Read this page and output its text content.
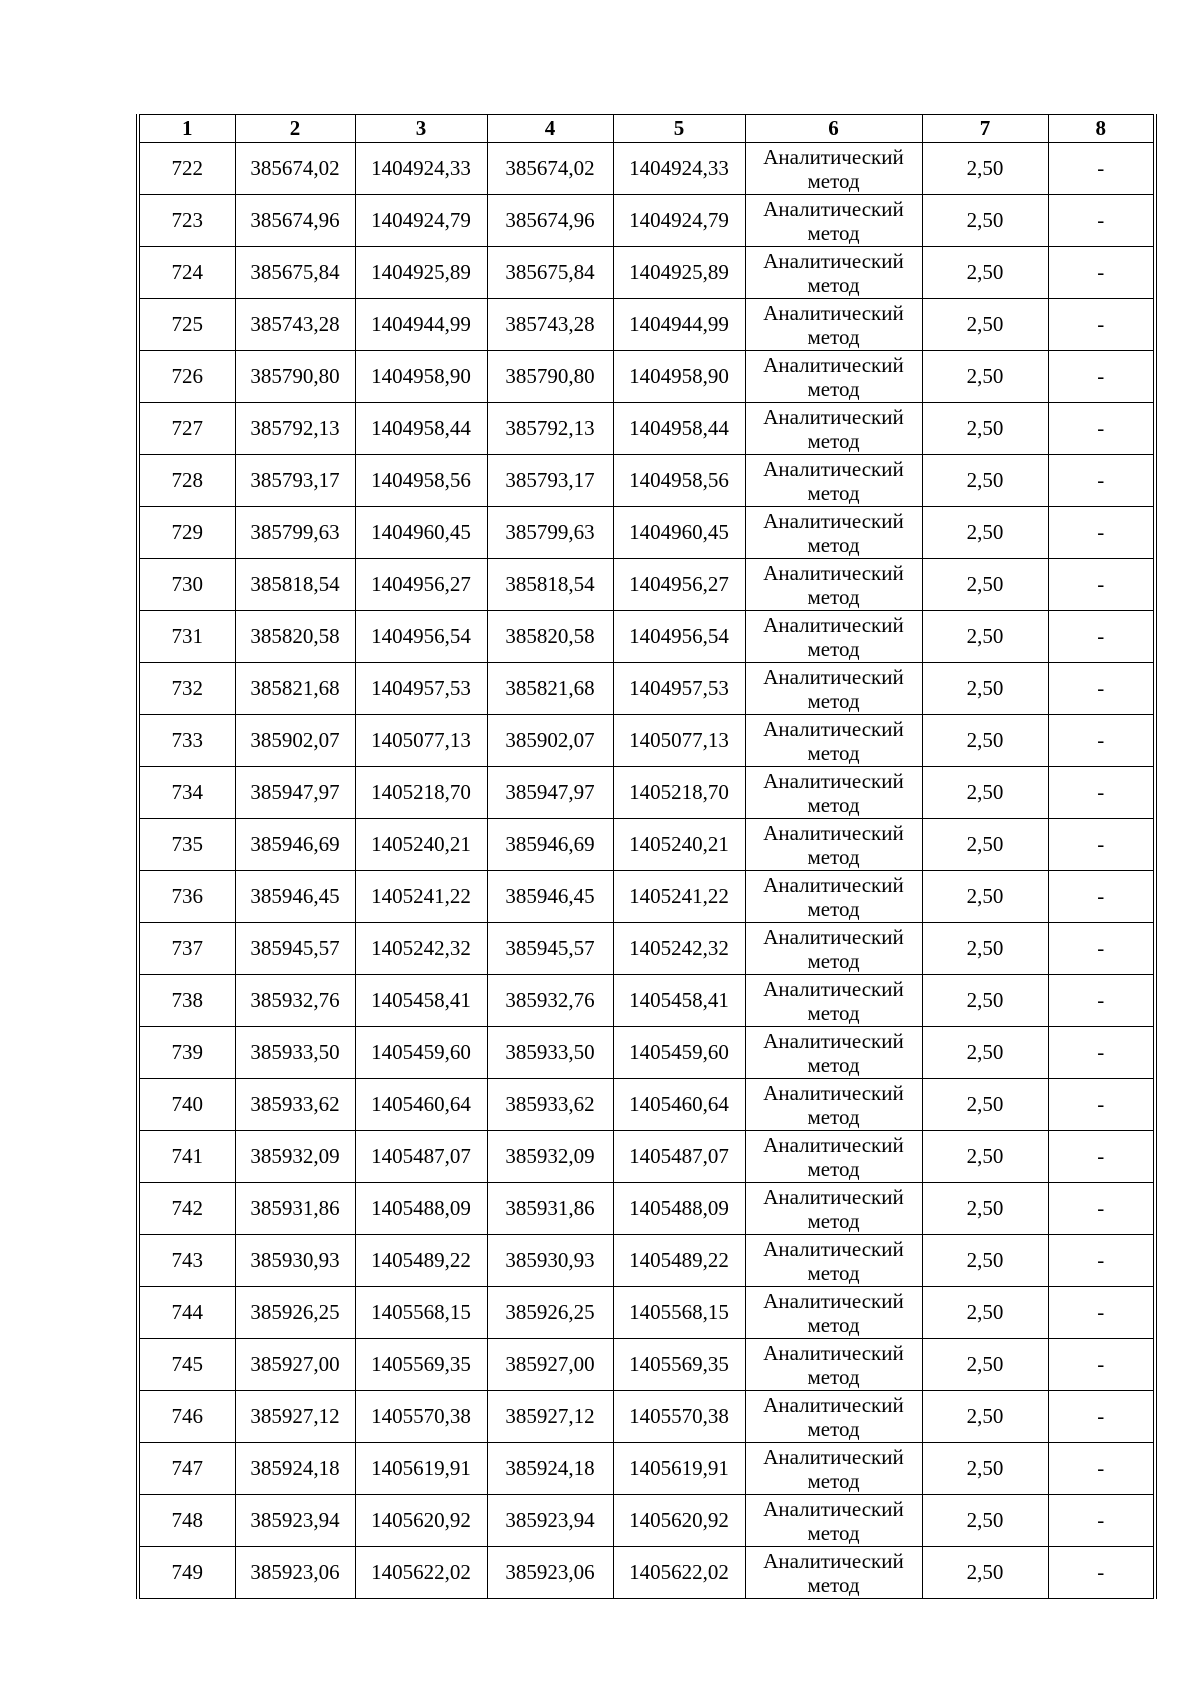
1	2	3	4	5	6	7	8
722	385674,02	1404924,33	385674,02	1404924,33	Аналитический метод	2,50	-
723	385674,96	1404924,79	385674,96	1404924,79	Аналитический метод	2,50	-
724	385675,84	1404925,89	385675,84	1404925,89	Аналитический метод	2,50	-
725	385743,28	1404944,99	385743,28	1404944,99	Аналитический метод	2,50	-
726	385790,80	1404958,90	385790,80	1404958,90	Аналитический метод	2,50	-
727	385792,13	1404958,44	385792,13	1404958,44	Аналитический метод	2,50	-
728	385793,17	1404958,56	385793,17	1404958,56	Аналитический метод	2,50	-
729	385799,63	1404960,45	385799,63	1404960,45	Аналитический метод	2,50	-
730	385818,54	1404956,27	385818,54	1404956,27	Аналитический метод	2,50	-
731	385820,58	1404956,54	385820,58	1404956,54	Аналитический метод	2,50	-
732	385821,68	1404957,53	385821,68	1404957,53	Аналитический метод	2,50	-
733	385902,07	1405077,13	385902,07	1405077,13	Аналитический метод	2,50	-
734	385947,97	1405218,70	385947,97	1405218,70	Аналитический метод	2,50	-
735	385946,69	1405240,21	385946,69	1405240,21	Аналитический метод	2,50	-
736	385946,45	1405241,22	385946,45	1405241,22	Аналитический метод	2,50	-
737	385945,57	1405242,32	385945,57	1405242,32	Аналитический метод	2,50	-
738	385932,76	1405458,41	385932,76	1405458,41	Аналитический метод	2,50	-
739	385933,50	1405459,60	385933,50	1405459,60	Аналитический метод	2,50	-
740	385933,62	1405460,64	385933,62	1405460,64	Аналитический метод	2,50	-
741	385932,09	1405487,07	385932,09	1405487,07	Аналитический метод	2,50	-
742	385931,86	1405488,09	385931,86	1405488,09	Аналитический метод	2,50	-
743	385930,93	1405489,22	385930,93	1405489,22	Аналитический метод	2,50	-
744	385926,25	1405568,15	385926,25	1405568,15	Аналитический метод	2,50	-
745	385927,00	1405569,35	385927,00	1405569,35	Аналитический метод	2,50	-
746	385927,12	1405570,38	385927,12	1405570,38	Аналитический метод	2,50	-
747	385924,18	1405619,91	385924,18	1405619,91	Аналитический метод	2,50	-
748	385923,94	1405620,92	385923,94	1405620,92	Аналитический метод	2,50	-
749	385923,06	1405622,02	385923,06	1405622,02	Аналитический метод	2,50	-
